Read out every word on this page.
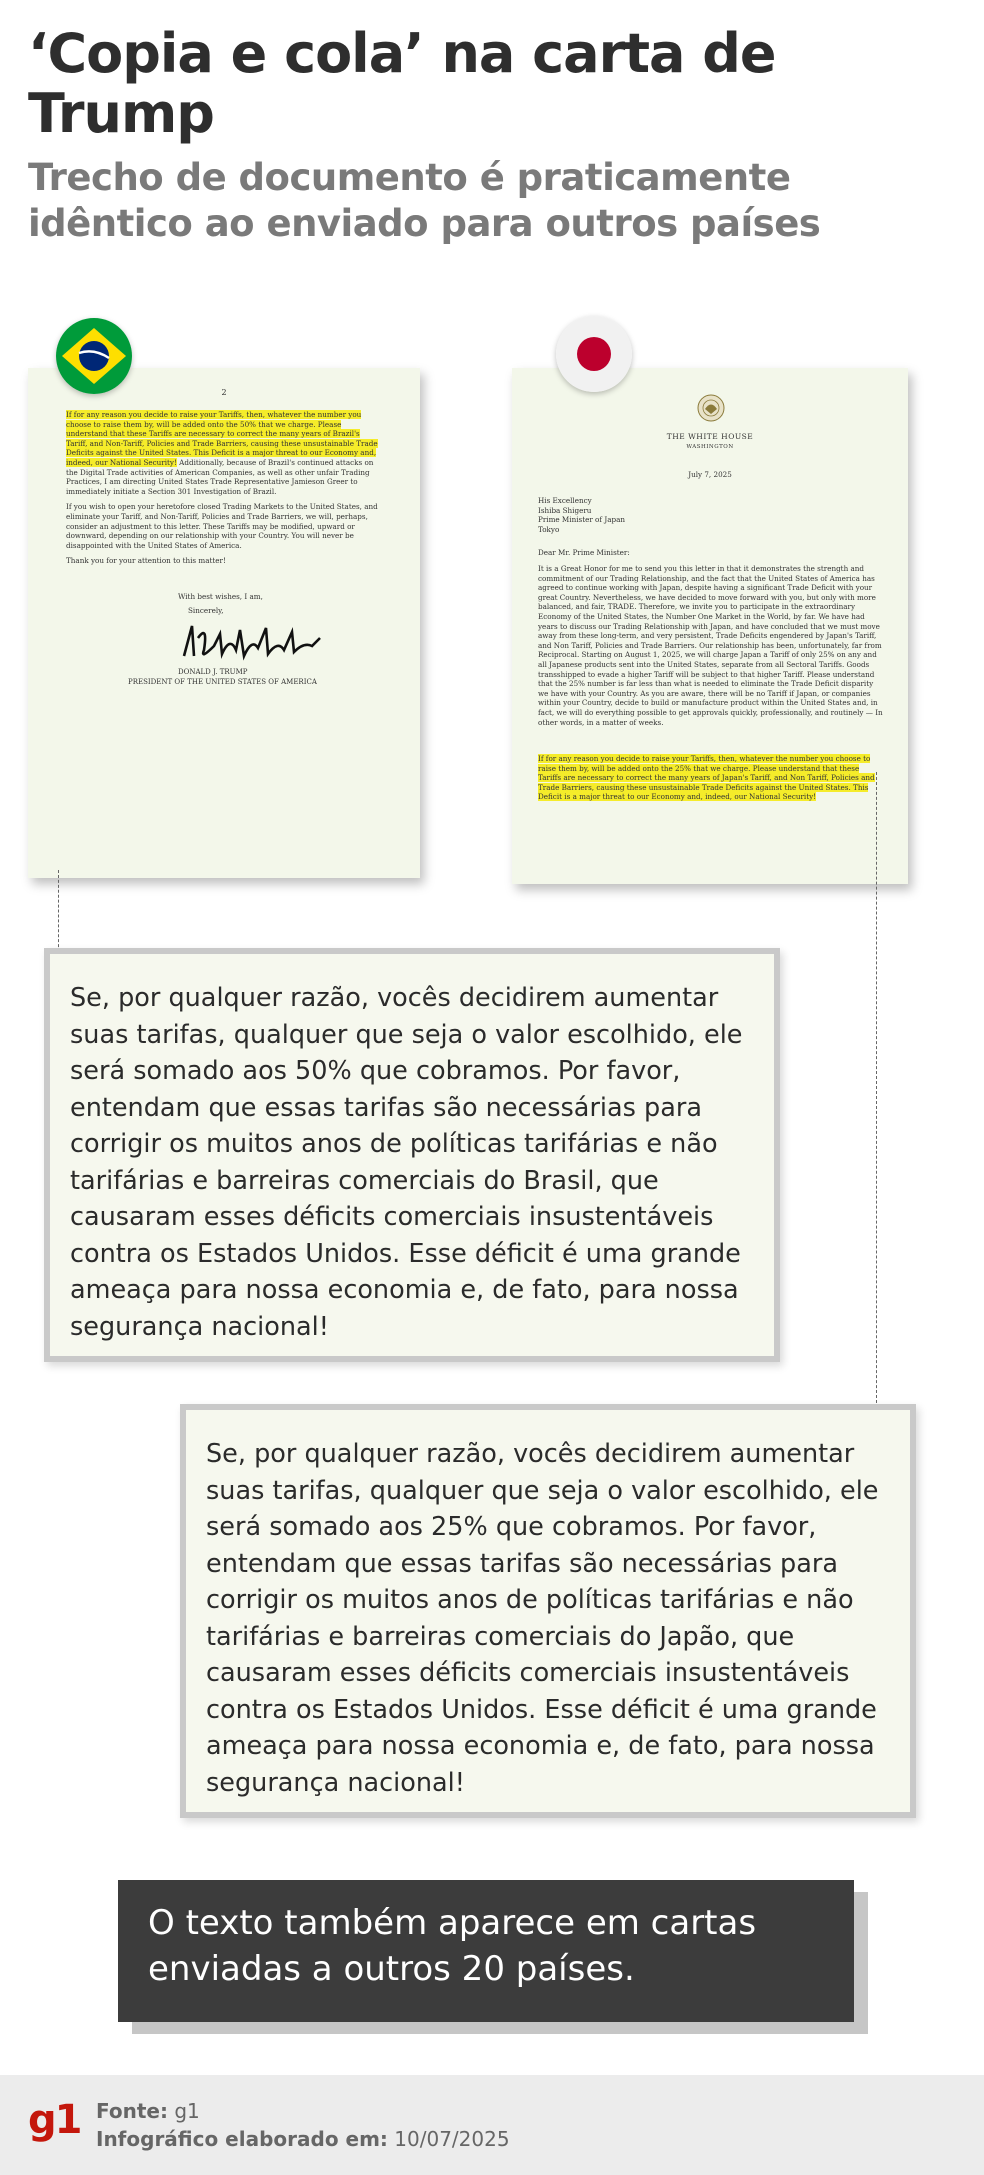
‘Copia e cola’ na carta de Trump
Trecho de documento é praticamente idêntico ao enviado para outros países
2

If for any reason you decide to raise your Tariffs, then, whatever the number you choose to raise them by, will be added onto the 50% that we charge. Please understand that these Tariffs are necessary to correct the many years of Brazil's Tariff, and Non-Tariff, Policies and Trade Barriers, causing these unsustainable Trade Deficits against the United States. This Deficit is a major threat to our Economy and, indeed, our National Security! Additionally, because of Brazil's continued attacks on the Digital Trade activities of American Companies, as well as other unfair Trading Practices, I am directing United States Trade Representative Jamieson Greer to immediately initiate a Section 301 Investigation of Brazil.

If you wish to open your heretofore closed Trading Markets to the United States, and eliminate your Tariff, and Non-Tariff, Policies and Trade Barriers, we will, perhaps, consider an adjustment to this letter. These Tariffs may be modified, upward or downward, depending on our relationship with your Country. You will never be disappointed with the United States of America.

Thank you for your attention to this matter!

With best wishes, I am,
Sincerely,
DONALD J. TRUMP
PRESIDENT OF THE UNITED STATES OF AMERICA
THE WHITE HOUSE
WASHINGTON
July 7, 2025
His Excellency
Ishiba Shigeru
Prime Minister of Japan
Tokyo
Dear Mr. Prime Minister:

It is a Great Honor for me to send you this letter in that it demonstrates the strength and commitment of our Trading Relationship, and the fact that the United States of America has agreed to continue working with Japan, despite having a significant Trade Deficit with your great Country. Nevertheless, we have decided to move forward with you, but only with more balanced, and fair, TRADE. Therefore, we invite you to participate in the extraordinary Economy of the United States, the Number One Market in the World, by far. We have had years to discuss our Trading Relationship with Japan, and have concluded that we must move away from these long-term, and very persistent, Trade Deficits engendered by Japan's Tariff, and Non Tariff, Policies and Trade Barriers. Our relationship has been, unfortunately, far from Reciprocal. Starting on August 1, 2025, we will charge Japan a Tariff of only 25% on any and all Japanese products sent into the United States, separate from all Sectoral Tariffs. Goods transshipped to evade a higher Tariff will be subject to that higher Tariff. Please understand that the 25% number is far less than what is needed to eliminate the Trade Deficit disparity we have with your Country. As you are aware, there will be no Tariff if Japan, or companies within your Country, decide to build or manufacture product within the United States and, in fact, we will do everything possible to get approvals quickly, professionally, and routinely — In other words, in a matter of weeks.

If for any reason you decide to raise your Tariffs, then, whatever the number you choose to raise them by, will be added onto the 25% that we charge. Please understand that these Tariffs are necessary to correct the many years of Japan's Tariff, and Non Tariff, Policies and Trade Barriers, causing these unsustainable Trade Deficits against the United States. This Deficit is a major threat to our Economy and, indeed, our National Security!

Se, por qualquer razão, vocês decidirem aumentar suas tarifas, qualquer que seja o valor escolhido, ele será somado aos 50% que cobramos. Por favor, entendam que essas tarifas são necessárias para corrigir os muitos anos de políticas tarifárias e não tarifárias e barreiras comerciais do Brasil, que causaram esses déficits comerciais insustentáveis contra os Estados Unidos. Esse déficit é uma grande ameaça para nossa economia e, de fato, para nossa segurança nacional!
Se, por qualquer razão, vocês decidirem aumentar suas tarifas, qualquer que seja o valor escolhido, ele será somado aos 25% que cobramos. Por favor, entendam que essas tarifas são necessárias para corrigir os muitos anos de políticas tarifárias e não tarifárias e barreiras comerciais do Japão, que causaram esses déficits comerciais insustentáveis contra os Estados Unidos. Esse déficit é uma grande ameaça para nossa economia e, de fato, para nossa segurança nacional!
O texto também aparece em cartas enviadas a outros 20 países.
g1 Fonte: g1
Infográfico elaborado em: 10/07/2025
